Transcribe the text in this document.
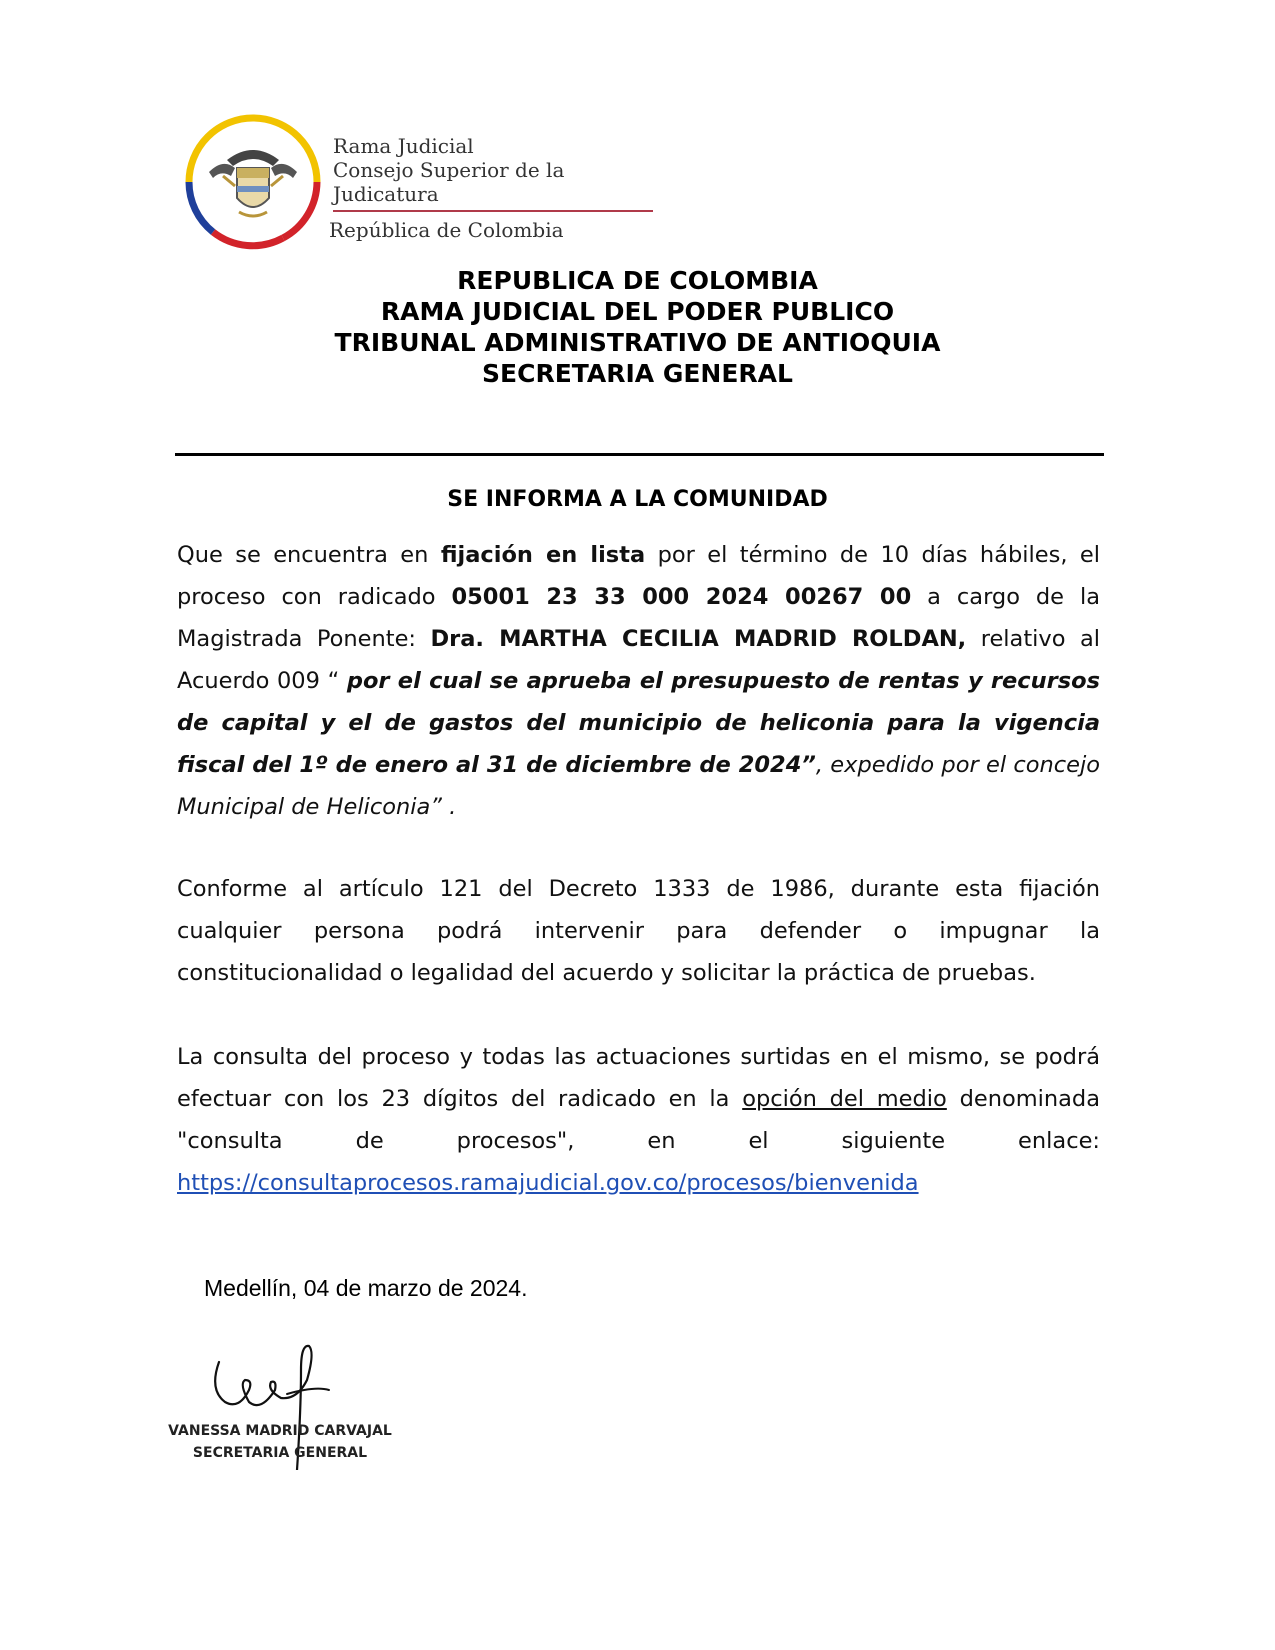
Rama Judicial
Consejo Superior de la Judicatura
República de Colombia
REPUBLICA DE COLOMBIA
RAMA JUDICIAL DEL PODER PUBLICO
TRIBUNAL ADMINISTRATIVO DE ANTIOQUIA
SECRETARIA GENERAL
SE INFORMA A LA COMUNIDAD
Que se encuentra en fijación en lista por el término de 10 días hábiles, el proceso con radicado 05001 23 33 000 2024 00267 00 a cargo de la Magistrada Ponente: Dra. MARTHA CECILIA MADRID ROLDAN, relativo al Acuerdo 009 “ por el cual se aprueba el presupuesto de rentas y recursos de capital y el de gastos del municipio de heliconia para la vigencia fiscal del 1º de enero al 31 de diciembre de 2024”, expedido por el concejo Municipal de Heliconia” .
Conforme al artículo 121 del Decreto 1333 de 1986, durante esta fijación cualquier persona podrá intervenir para defender o impugnar la constitucionalidad o legalidad del acuerdo y solicitar la práctica de pruebas.
La consulta del proceso y todas las actuaciones surtidas en el mismo, se podrá efectuar con los 23 dígitos del radicado en la opción del medio denominada "consulta de procesos", en el siguiente enlace: https://consultaprocesos.ramajudicial.gov.co/procesos/bienvenida
Medellín, 04 de marzo de 2024.
VANESSA MADRID CARVAJAL
SECRETARIA GENERAL
